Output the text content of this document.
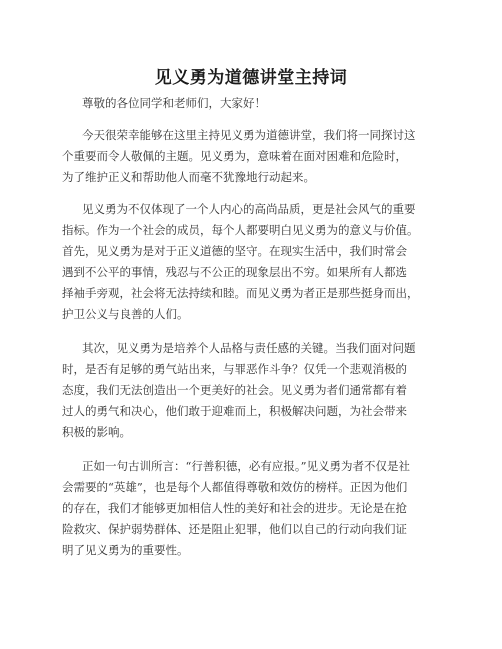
见义勇为道德讲堂主持词
尊敬的各位同学和老师们，大家好！
今天很荣幸能够在这里主持见义勇为道德讲堂，我们将一同探讨这
个重要而令人敬佩的主题。见义勇为，意味着在面对困难和危险时，
为了维护正义和帮助他人而毫不犹豫地行动起来。
见义勇为不仅体现了一个人内心的高尚品质，更是社会风气的重要
指标。作为一个社会的成员，每个人都要明白见义勇为的意义与价值。
首先，见义勇为是对于正义道德的坚守。在现实生活中，我们时常会
遇到不公平的事情，残忍与不公正的现象层出不穷。如果所有人都选
择袖手旁观，社会将无法持续和睦。而见义勇为者正是那些挺身而出，
护卫公义与良善的人们。
其次，见义勇为是培养个人品格与责任感的关键。当我们面对问题
时，是否有足够的勇气站出来，与罪恶作斗争？仅凭一个悲观消极的
态度，我们无法创造出一个更美好的社会。见义勇为者们通常都有着
过人的勇气和决心，他们敢于迎难而上，积极解决问题，为社会带来
积极的影响。
正如一句古训所言：“行善积德，必有应报。”见义勇为者不仅是社
会需要的“英雄”，也是每个人都值得尊敬和效仿的榜样。正因为他们
的存在，我们才能够更加相信人性的美好和社会的进步。无论是在抢
险救灾、保护弱势群体、还是阻止犯罪，他们以自己的行动向我们证
明了见义勇为的重要性。
